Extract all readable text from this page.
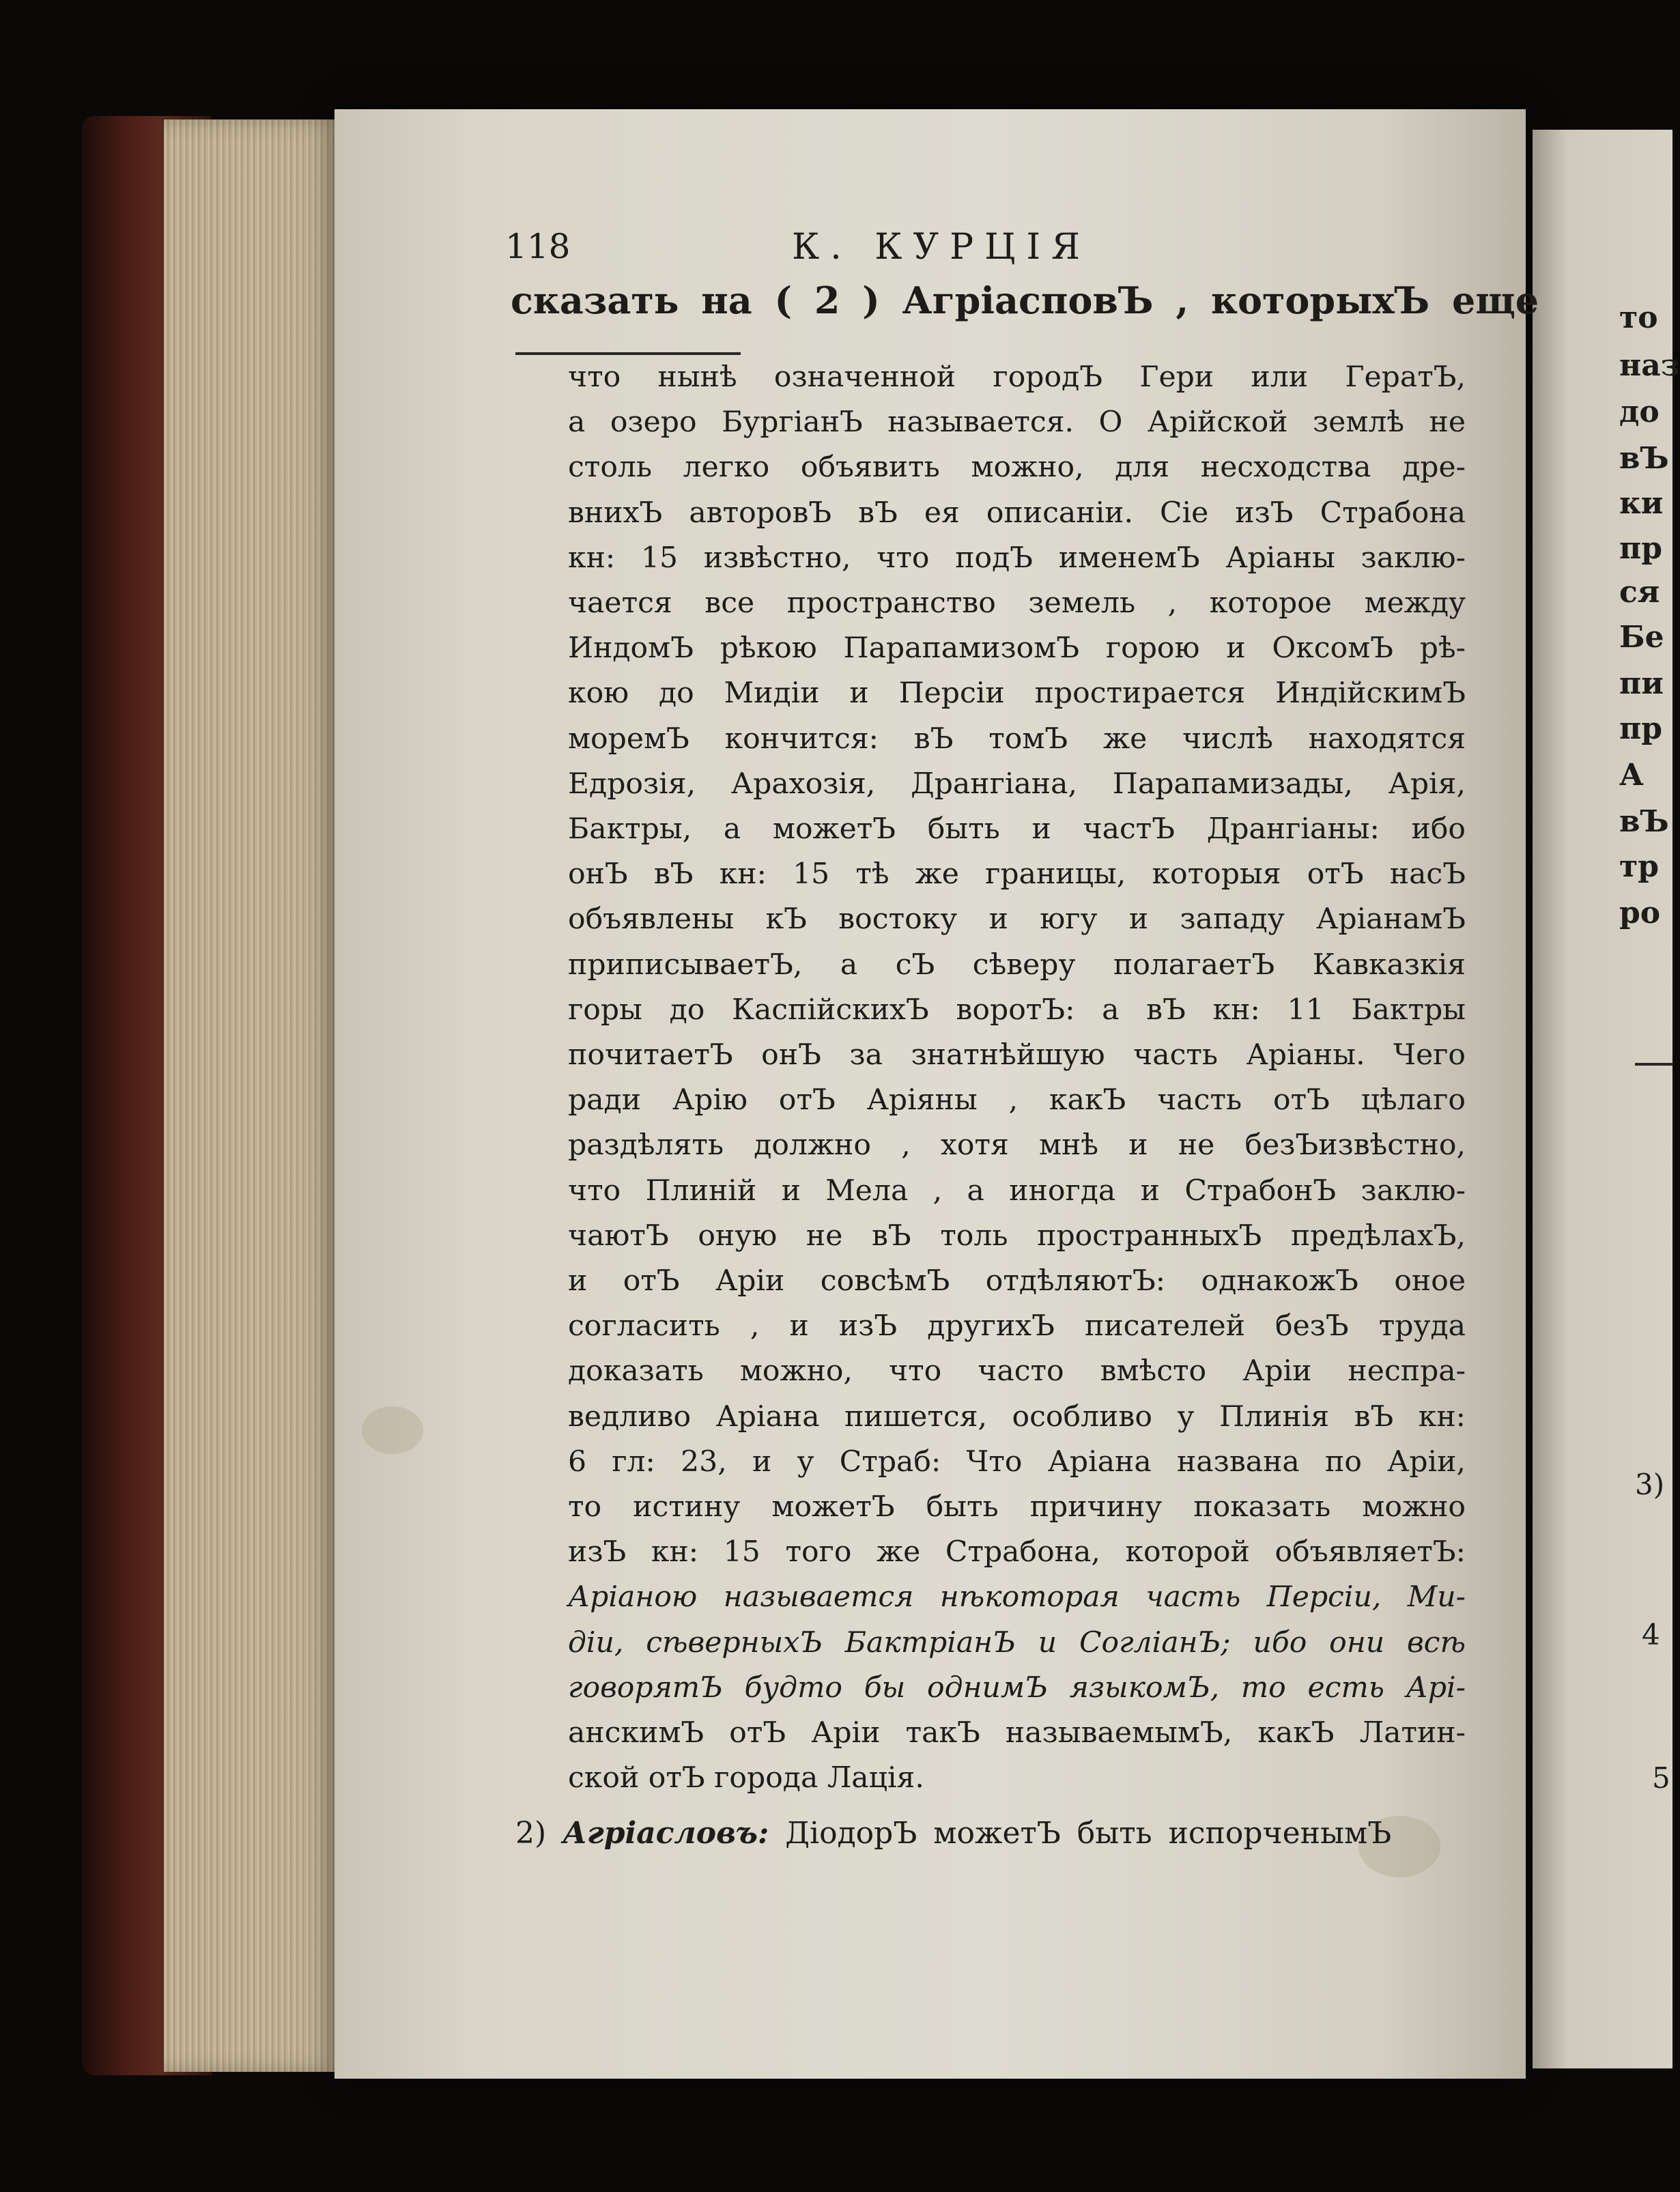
118	К. КУРЦІЯ
сказать на ( 2 ) АгріасповЪ , которыхЪ еще

что нынѣ означенной городЪ Гери или ГератЪ,

а озеро БургіанЪ называется. О Арійской землѣ не

столь легко объявить можно, для несходства дре-

внихЪ авторовЪ вЪ ея описаніи. Сіе изЪ Страбона

кн: 15 извѣстно, что подЪ именемЪ Аріаны заклю-

чается все пространство земель , которое между

ИндомЪ рѣкою ПарапамизомЪ горою и ОксомЪ рѣ-

кою до Мидіи и Персіи простирается ИндійскимЪ

моремЪ кончится: вЪ томЪ же числѣ находятся

Едрозія, Арахозія, Дрангіана, Парапамизады, Арія,

Бактры, а можетЪ быть и частЪ Дрангіаны: ибо

онЪ вЪ кн: 15 тѣ же границы, которыя отЪ насЪ

объявлены кЪ востоку и югу и западу АріанамЪ

приписываетЪ, а сЪ сѣверу полагаетЪ Кавказкія

горы до КаспійскихЪ воротЪ: а вЪ кн: 11 Бактры

почитаетЪ онЪ за знатнѣйшую часть Аріаны. Чего

ради Арію отЪ Аріяны , какЪ часть отЪ цѣлаго

раздѣлять должно , хотя мнѣ и не безЪизвѣстно,

что Плиній и Мела , а иногда и СтрабонЪ заклю-

чаютЪ оную не вЪ толь пространныхЪ предѣлахЪ,

и отЪ Аріи совсѣмЪ отдѣляютЪ: однакожЪ оное

согласить , и изЪ другихЪ писателей безЪ труда

доказать можно, что часто вмѣсто Аріи неспра-

ведливо Аріана пишется, особливо у Плинія вЪ кн:

6 гл: 23, и у Страб: Что Аріана названа по Аріи,

то истину можетЪ быть причину показать можно

изЪ кн: 15 того же Страбона, которой объявляетЪ:

Аріаною называется нѣкоторая часть Персіи, Ми-

діи, сѣверныхЪ БактріанЪ и СогліанЪ; ибо они всѣ

говорятЪ будто бы однимЪ языкомЪ, то есть Арі-

анскимЪ отЪ Аріи такЪ называемымЪ, какЪ Латин-

ской отЪ города Лація.

2) Агріасловъ: ДіодорЪ можетЪ быть испорченымЪ
то
наз
до
вЪ
ки
пр
ся
Бе
пи
пр
А
вЪ
тр
ро
3)
4
5
